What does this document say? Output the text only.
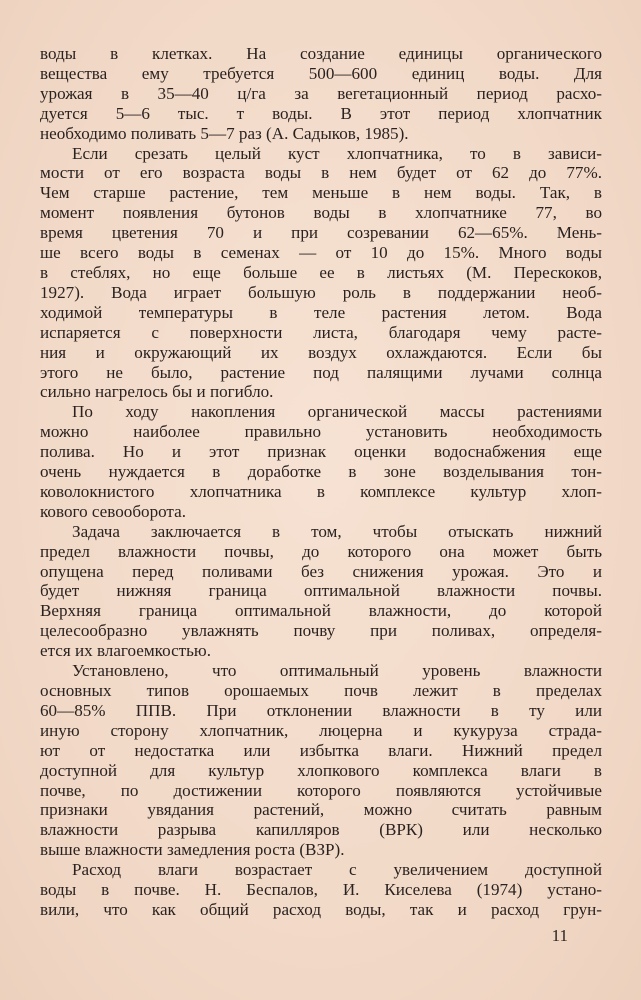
воды в клетках. На создание единицы органического
вещества ему требуется 500—600 единиц воды. Для
урожая в 35—40 ц/га за вегетационный период расхо-
дуется 5—6 тыс. т воды. В этот период хлопчатник
необходимо поливать 5—7 раз (А. Садыков, 1985).
Если срезать целый куст хлопчатника, то в зависи-
мости от его возраста воды в нем будет от 62 до 77%.
Чем старше растение, тем меньше в нем воды. Так, в
момент появления бутонов воды в хлопчатнике 77, во
время цветения 70 и при созревании 62—65%. Мень-
ше всего воды в семенах — от 10 до 15%. Много воды
в стеблях, но еще больше ее в листьях (М. Перескоков,
1927). Вода играет большую роль в поддержании необ-
ходимой температуры в теле растения летом. Вода
испаряется с поверхности листа, благодаря чему расте-
ния и окружающий их воздух охлаждаются. Если бы
этого не было, растение под палящими лучами солнца
сильно нагрелось бы и погибло.
По ходу накопления органической массы растениями
можно наиболее правильно установить необходимость
полива. Но и этот признак оценки водоснабжения еще
очень нуждается в доработке в зоне возделывания тон-
коволокнистого хлопчатника в комплексе культур хлоп-
кового севооборота.
Задача заключается в том, чтобы отыскать нижний
предел влажности почвы, до которого она может быть
опущена перед поливами без снижения урожая. Это и
будет нижняя граница оптимальной влажности почвы.
Верхняя граница оптимальной влажности, до которой
целесообразно увлажнять почву при поливах, определя-
ется их влагоемкостью.
Установлено, что оптимальный уровень влажности
основных типов орошаемых почв лежит в пределах
60—85% ППВ. При отклонении влажности в ту или
иную сторону хлопчатник, люцерна и кукуруза страда-
ют от недостатка или избытка влаги. Нижний предел
доступной для культур хлопкового комплекса влаги в
почве, по достижении которого появляются устойчивые
признаки увядания растений, можно считать равным
влажности разрыва капилляров (ВРК) или несколько
выше влажности замедления роста (ВЗР).
Расход влаги возрастает с увеличением доступной
воды в почве. Н. Беспалов, И. Киселева (1974) устано-
вили, что как общий расход воды, так и расход грун-
11
